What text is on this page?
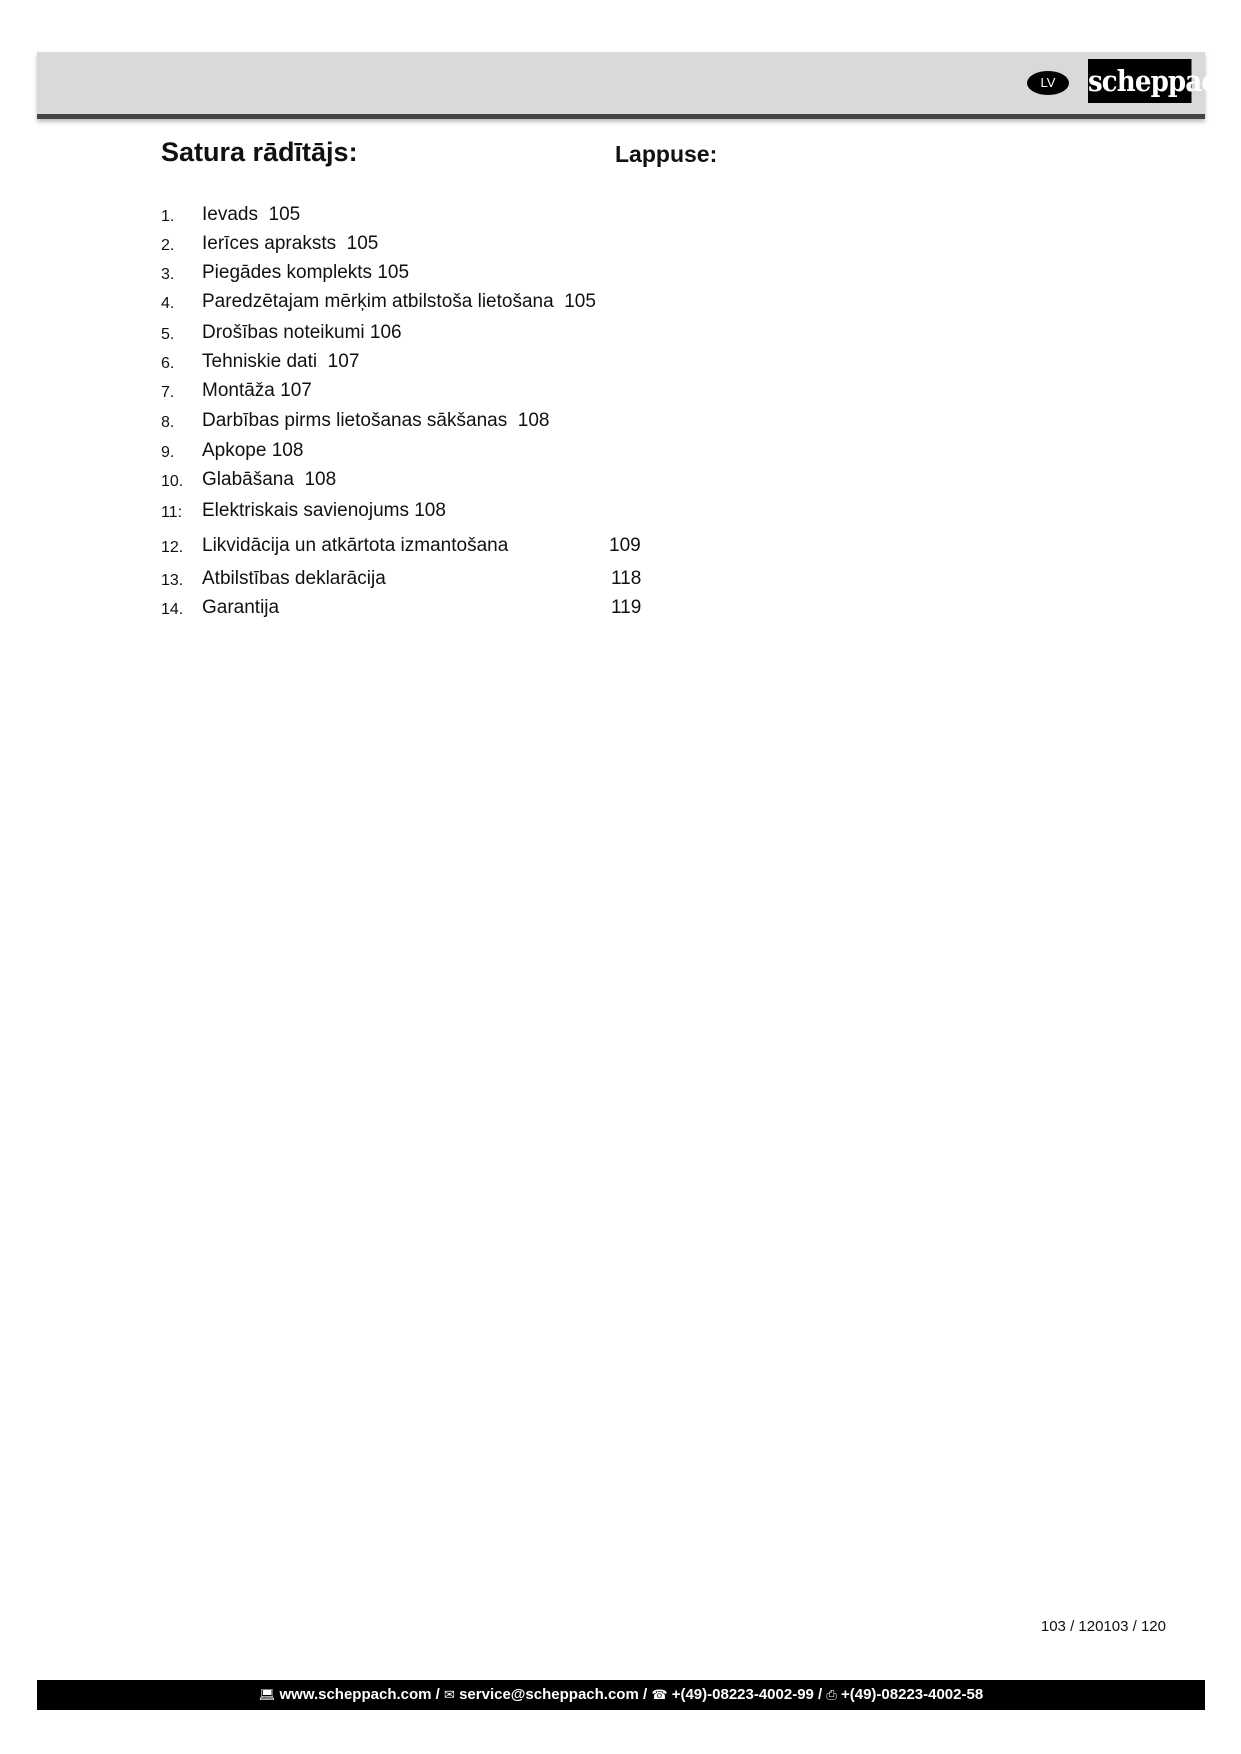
LV	scheppach
Satura rādītājs:	Lappuse:
1. Ievads  105
2. Ierīces apraksts  105
3. Piegādes komplekts 105
4. Paredzētajam mērķim atbilstoša lietošana  105
5. Drošības noteikumi 106
6. Tehniskie dati  107
7. Montāža 107
8. Darbības pirms lietošanas sākšanas  108
9. Apkope 108
10. Glabāšana  108
11: Elektriskais savienojums 108
12. Likvidācija un atkārtota izmantošana	109
13. Atbilstības deklarācija	118
14. Garantija	119
103 / 120103 / 120
💻︎ www.scheppach.com / ✉︎ service@scheppach.com / ☎ +(49)-08223-4002-99 / ⎙ +(49)-08223-4002-58
